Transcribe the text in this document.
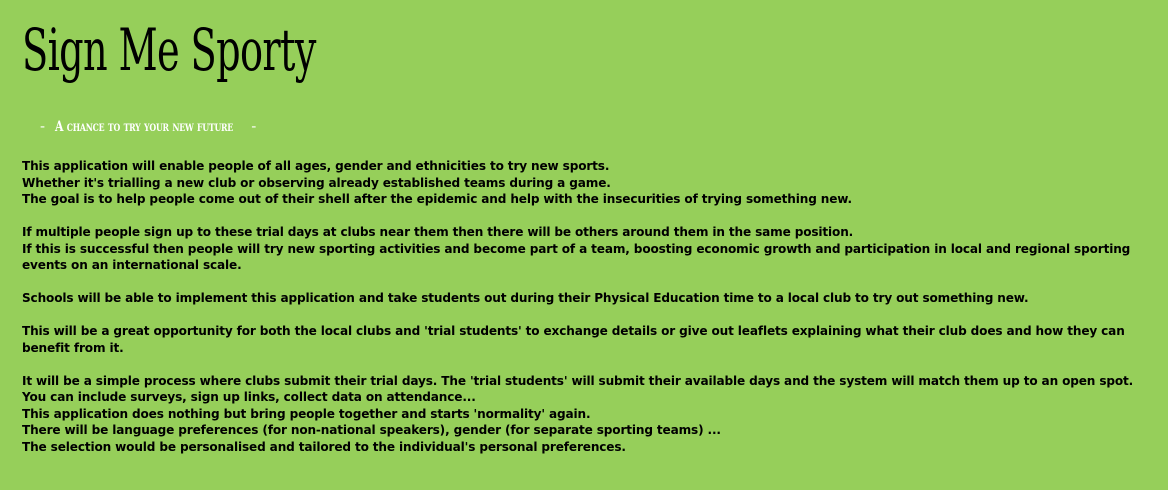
Sign Me Sporty
- A chance to try your new future -

This application will enable people of all ages, gender and ethnicities to try new sports.
Whether it's trialling a new club or observing already established teams during a game.
The goal is to help people come out of their shell after the epidemic and help with the insecurities of trying something new.

If multiple people sign up to these trial days at clubs near them then there will be others around them in the same position.
If this is successful then people will try new sporting activities and become part of a team, boosting economic growth and participation in local and regional sporting events on an international scale.

Schools will be able to implement this application and take students out during their Physical Education time to a local club to try out something new.

This will be a great opportunity for both the local clubs and 'trial students' to exchange details or give out leaflets explaining what their club does and how they can benefit from it.

It will be a simple process where clubs submit their trial days. The 'trial students' will submit their available days and the system will match them up to an open spot. You can include surveys, sign up links, collect data on attendance...
This application does nothing but bring people together and starts 'normality' again.
There will be language preferences (for non-national speakers), gender (for separate sporting teams) ...
The selection would be personalised and tailored to the individual's personal preferences.
